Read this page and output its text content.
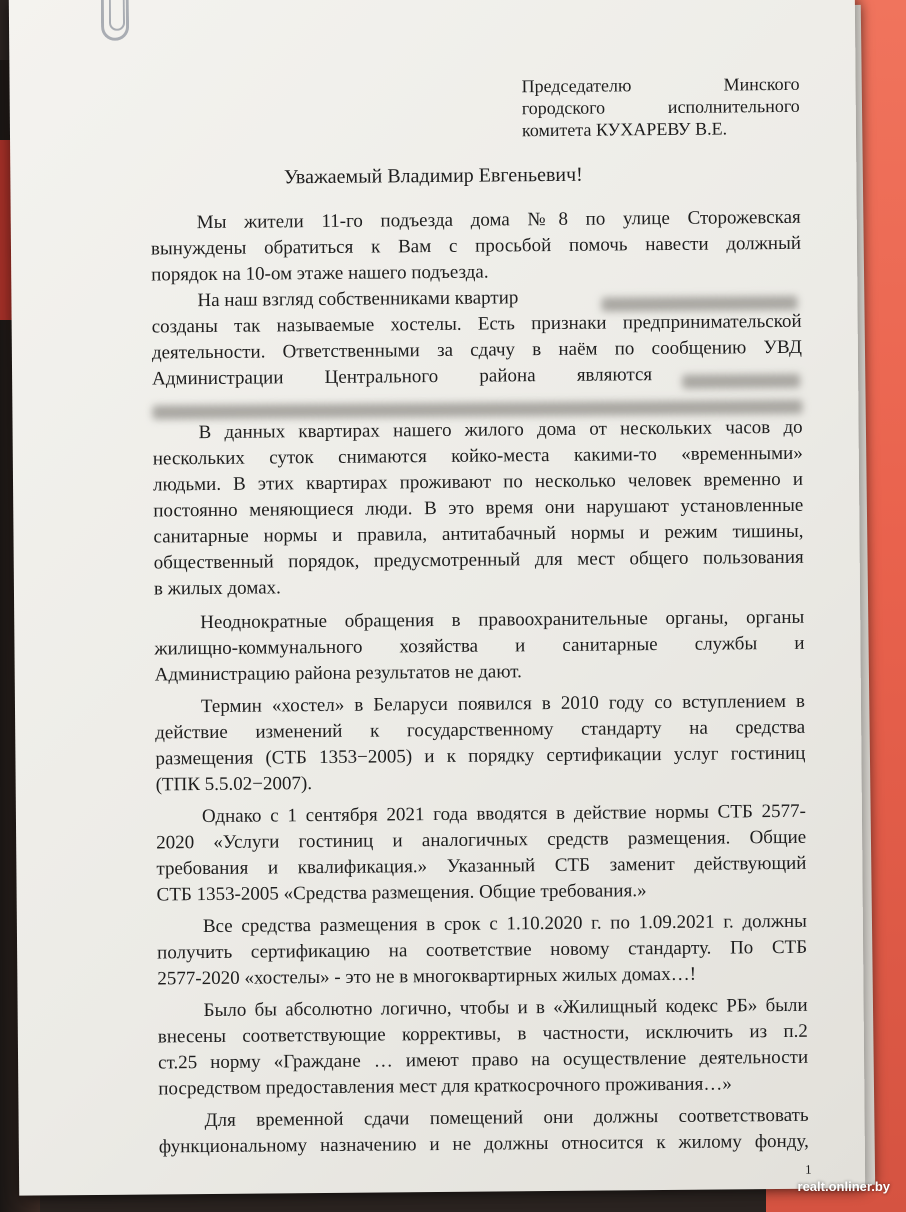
Председателю Минского
городского исполнительного
комитета КУХАРЕВУ В.Е.
Уважаемый Владимир Евгеньевич!
Мы жители 11-го подъезда дома №8 по улице Сторожевская
вынуждены обратиться к Вам с просьбой помочь навести должный
порядок на 10-ом этаже нашего подъезда.
На наш взгляд собственниками квартир
созданы так называемые хостелы. Есть признаки предпринимательской
деятельности. Ответственными за сдачу в наём по сообщению УВД
Администрации Центрального района являются
В данных квартирах нашего жилого дома от нескольких часов до
нескольких суток снимаются койко-места какими-то «временными»
людьми. В этих квартирах проживают по несколько человек временно и
постоянно меняющиеся люди. В это время они нарушают установленные
санитарные нормы и правила, антитабачный нормы и режим тишины,
общественный порядок, предусмотренный для мест общего пользования
в жилых домах.
Неоднократные обращения в правоохранительные органы, органы
жилищно-коммунального хозяйства и санитарные службы и
Администрацию района результатов не дают.
Термин «хостел» в Беларуси появился в 2010 году со вступлением в
действие изменений к государственному стандарту на средства
размещения (СТБ 1353−2005) и к порядку сертификации услуг гостиниц
(ТПК 5.5.02−2007).
Однако с 1 сентября 2021 года вводятся в действие нормы СТБ 2577-
2020 «Услуги гостиниц и аналогичных средств размещения. Общие
требования и квалификация.» Указанный СТБ заменит действующий
СТБ 1353-2005 «Средства размещения. Общие требования.»
Все средства размещения в срок с 1.10.2020 г. по 1.09.2021 г. должны
получить сертификацию на соответствие новому стандарту. По СТБ
2577-2020 «хостелы» - это не в многоквартирных жилых домах…!
Было бы абсолютно логично, чтобы и в «Жилищный кодекс РБ» были
внесены соответствующие коррективы, в частности, исключить из п.2
ст.25 норму «Граждане … имеют право на осуществление деятельности
посредством предоставления мест для краткосрочного проживания…»
Для временной сдачи помещений они должны соответствовать
функциональному назначению и не должны относится к жилому фонду,
1
realt.onliner.by
